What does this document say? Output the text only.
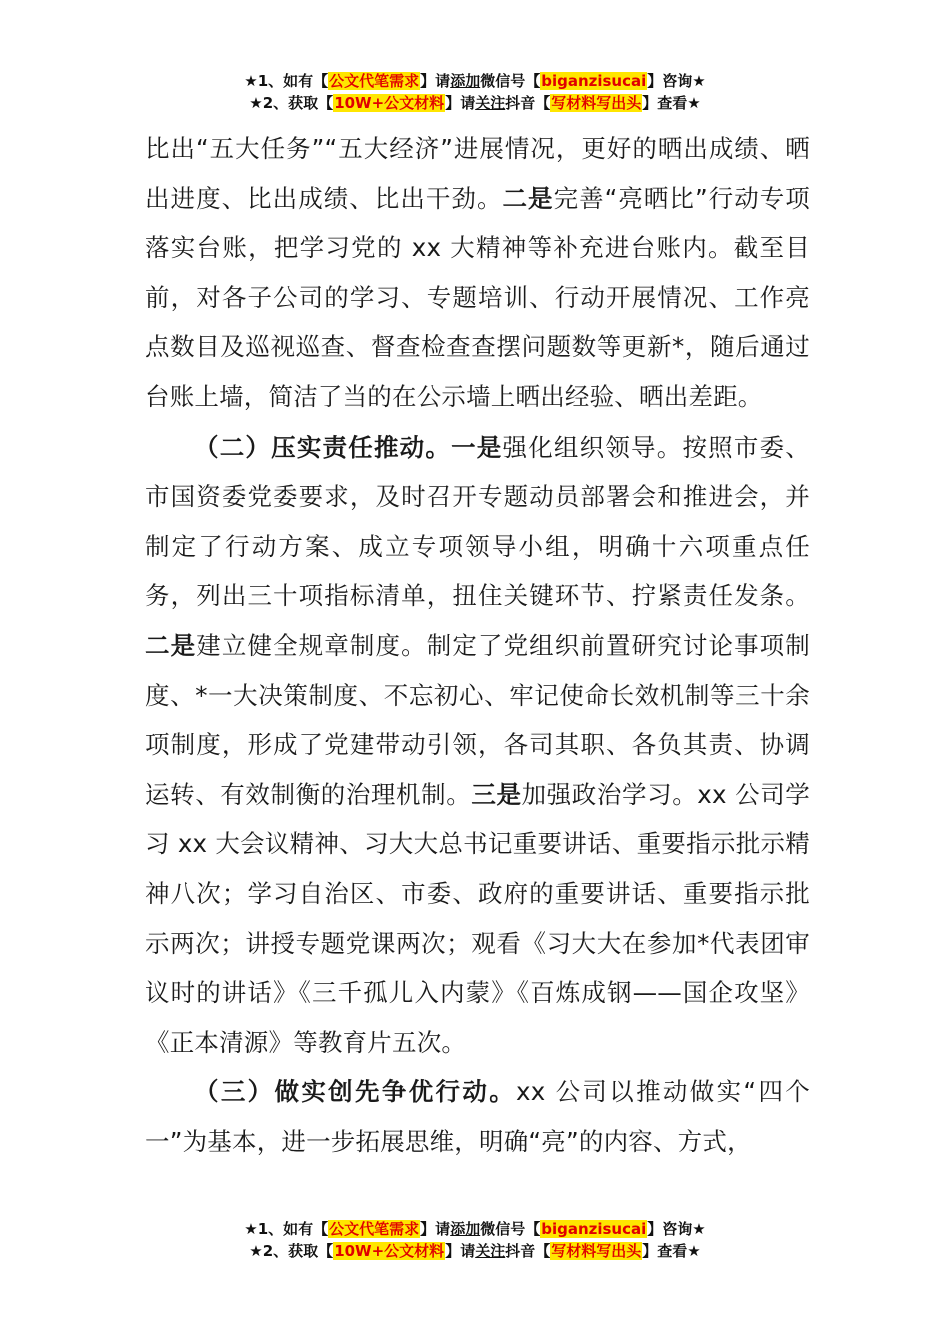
★1、如有【公文代笔需求】请添加微信号【biganzisucai】咨询★
★2、获取【10W+公文材料】请关注抖音【写材料写出头】查看★

比出“五大任务”“五大经济”进展情况，更好的晒出成绩、晒出进度、比出成绩、比出干劲。二是完善“亮晒比”行动专项落实台账，把学习党的 xx 大精神等补充进台账内。截至目前，对各子公司的学习、专题培训、行动开展情况、工作亮点数目及巡视巡查、督查检查查摆问题数等更新*，随后通过台账上墙，简洁了当的在公示墙上晒出经验、晒出差距。

（二）压实责任推动。一是强化组织领导。按照市委、市国资委党委要求，及时召开专题动员部署会和推进会，并制定了行动方案、成立专项领导小组，明确十六项重点任务，列出三十项指标清单，扭住关键环节、拧紧责任发条。二是建立健全规章制度。制定了党组织前置研究讨论事项制度、*一大决策制度、不忘初心、牢记使命长效机制等三十余项制度，形成了党建带动引领，各司其职、各负其责、协调运转、有效制衡的治理机制。三是加强政治学习。xx 公司学习 xx 大会议精神、习大大总书记重要讲话、重要指示批示精神八次；学习自治区、市委、政府的重要讲话、重要指示批示两次；讲授专题党课两次；观看《习大大在参加*代表团审议时的讲话》《三千孤儿入内蒙》《百炼成钢——国企攻坚》《正本清源》等教育片五次。

（三）做实创先争优行动。xx 公司以推动做实“四个一”为基本，进一步拓展思维，明确“亮”的内容、方式，

★1、如有【公文代笔需求】请添加微信号【biganzisucai】咨询★
★2、获取【10W+公文材料】请关注抖音【写材料写出头】查看★
